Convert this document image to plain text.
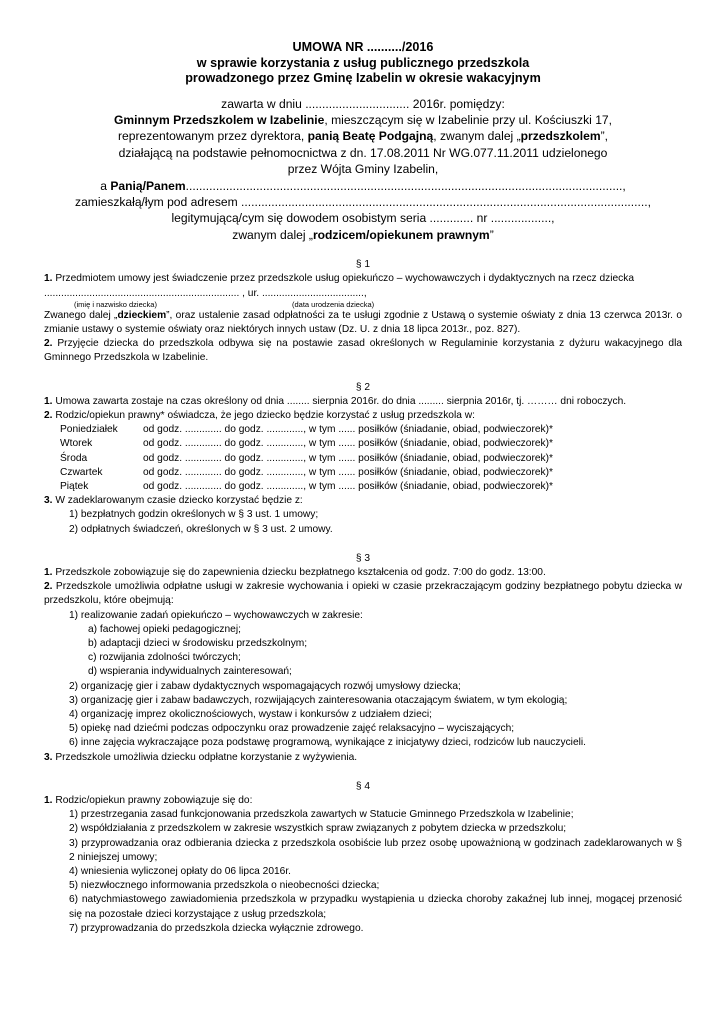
UMOWA NR ........../2016
w sprawie korzystania z usług publicznego przedszkola
prowadzonego przez Gminę Izabelin w okresie wakacyjnym
zawarta w dniu ............................... 2016r. pomiędzy:
Gminnym Przedszkolem w Izabelinie, mieszczącym się w Izabelinie przy ul. Kościuszki 17,
reprezentowanym przez dyrektora, panią Beatę Podgajną, zwanym dalej „przedszkolem”,
działającą na podstawie pełnomocnictwa z dn. 17.08.2011 Nr WG.077.11.2011 udzielonego
przez Wójta Gminy Izabelin,
a Panią/Panem..................................................................................................................................,
zamieszkałą/łym pod adresem .........................................................................................................................,
legitymującą/cym się dowodem osobistym seria ............. nr ..................,
zwanym dalej „rodzicem/opiekunem prawnym”
§ 1
1. Przedmiotem umowy jest świadczenie przez przedszkole usług opiekuńczo – wychowawczych i dydaktycznych na rzecz dziecka
..................................................................... , ur. ....................................,
(imię i nazwisko dziecka)	(data urodzenia dziecka)
Zwanego dalej „dzieckiem”, oraz ustalenie zasad odpłatności za te usługi zgodnie z Ustawą o systemie oświaty z dnia 13 czerwca 2013r. o zmianie ustawy o systemie oświaty oraz niektórych innych ustaw (Dz. U. z dnia 18 lipca 2013r., poz. 827).
2. Przyjęcie dziecka do przedszkola odbywa się na postawie zasad określonych w Regulaminie korzystania z dyżuru wakacyjnego dla Gminnego Przedszkola w Izabelinie.
§ 2
1. Umowa zawarta zostaje na czas określony od dnia ........ sierpnia 2016r. do dnia ......... sierpnia 2016r, tj. ……… dni roboczych.
2. Rodzic/opiekun prawny* oświadcza, że jego dziecko będzie korzystać z usług przedszkola w:
Poniedziałek	od godz. ............. do godz. ............., w tym ...... posiłków (śniadanie, obiad, podwieczorek)*
Wtorek	od godz. ............. do godz. ............., w tym ...... posiłków (śniadanie, obiad, podwieczorek)*
Środa	od godz. ............. do godz. ............., w tym ...... posiłków (śniadanie, obiad, podwieczorek)*
Czwartek	od godz. ............. do godz. ............., w tym ...... posiłków (śniadanie, obiad, podwieczorek)*
Piątek	od godz. ............. do godz. ............., w tym ...... posiłków (śniadanie, obiad, podwieczorek)*
3. W zadeklarowanym czasie dziecko korzystać będzie z:
1) bezpłatnych godzin określonych w § 3 ust. 1 umowy;
2) odpłatnych świadczeń, określonych w § 3 ust. 2 umowy.
§ 3
1. Przedszkole zobowiązuje się do zapewnienia dziecku bezpłatnego kształcenia od godz. 7:00 do godz. 13:00.
2. Przedszkole umożliwia odpłatne usługi w zakresie wychowania i opieki w czasie przekraczającym godziny bezpłatnego pobytu dziecka w przedszkolu, które obejmują:
1) realizowanie zadań opiekuńczo – wychowawczych w zakresie:
a) fachowej opieki pedagogicznej;
b) adaptacji dzieci w środowisku przedszkolnym;
c) rozwijania zdolności twórczych;
d) wspierania indywidualnych zainteresowań;
2) organizację gier i zabaw dydaktycznych wspomagających rozwój umysłowy dziecka;
3) organizację gier i zabaw badawczych, rozwijających zainteresowania otaczającym światem, w tym ekologią;
4) organizację imprez okolicznościowych, wystaw i konkursów z udziałem dzieci;
5) opiekę nad dziećmi podczas odpoczynku oraz prowadzenie zajęć relaksacyjno – wyciszających;
6) inne zajęcia wykraczające poza podstawę programową, wynikające z inicjatywy dzieci, rodziców lub nauczycieli.
3. Przedszkole umożliwia dziecku odpłatne korzystanie z wyżywienia.
§ 4
1. Rodzic/opiekun prawny zobowiązuje się do:
1) przestrzegania zasad funkcjonowania przedszkola zawartych w Statucie Gminnego Przedszkola w Izabelinie;
2) współdziałania z przedszkolem w zakresie wszystkich spraw związanych z pobytem dziecka w przedszkolu;
3) przyprowadzania oraz odbierania dziecka z przedszkola osobiście lub przez osobę upoważnioną w godzinach zadeklarowanych w § 2 niniejszej umowy;
4) wniesienia wyliczonej opłaty do 06 lipca 2016r.
5) niezwłocznego informowania przedszkola o nieobecności dziecka;
6) natychmiastowego zawiadomienia przedszkola w przypadku wystąpienia u dziecka choroby zakaźnej lub innej, mogącej przenosić się na pozostałe dzieci korzystające z usług przedszkola;
7) przyprowadzania do przedszkola dziecka wyłącznie zdrowego.
